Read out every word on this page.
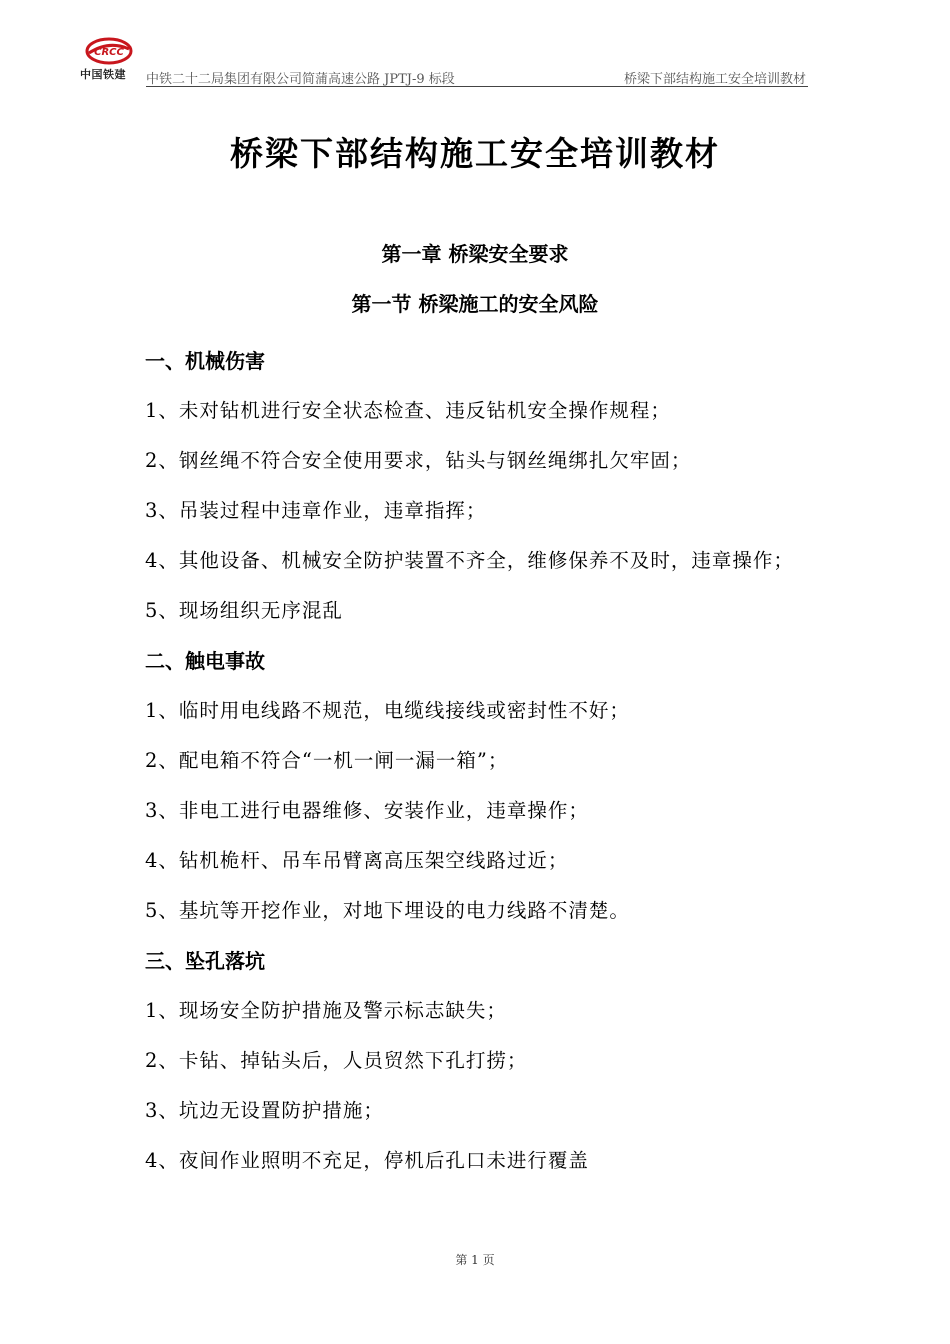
CRCC
中国铁建 中铁二十二局集团有限公司简蒲高速公路 JPTJ-9 标段	桥梁下部结构施工安全培训教材
桥梁下部结构施工安全培训教材
第一章 桥梁安全要求
第一节 桥梁施工的安全风险
一、机械伤害
1、未对钻机进行安全状态检查、违反钻机安全操作规程；
2、钢丝绳不符合安全使用要求，钻头与钢丝绳绑扎欠牢固；
3、吊装过程中违章作业，违章指挥；
4、其他设备、机械安全防护装置不齐全，维修保养不及时，违章操作；
5、现场组织无序混乱
二、触电事故
1、临时用电线路不规范，电缆线接线或密封性不好；
2、配电箱不符合“一机一闸一漏一箱”；
3、非电工进行电器维修、安装作业，违章操作；
4、钻机桅杆、吊车吊臂离高压架空线路过近；
5、基坑等开挖作业，对地下埋设的电力线路不清楚。
三、坠孔落坑
1、现场安全防护措施及警示标志缺失；
2、卡钻、掉钻头后，人员贸然下孔打捞；
3、坑边无设置防护措施；
4、夜间作业照明不充足，停机后孔口未进行覆盖
第 1 页
